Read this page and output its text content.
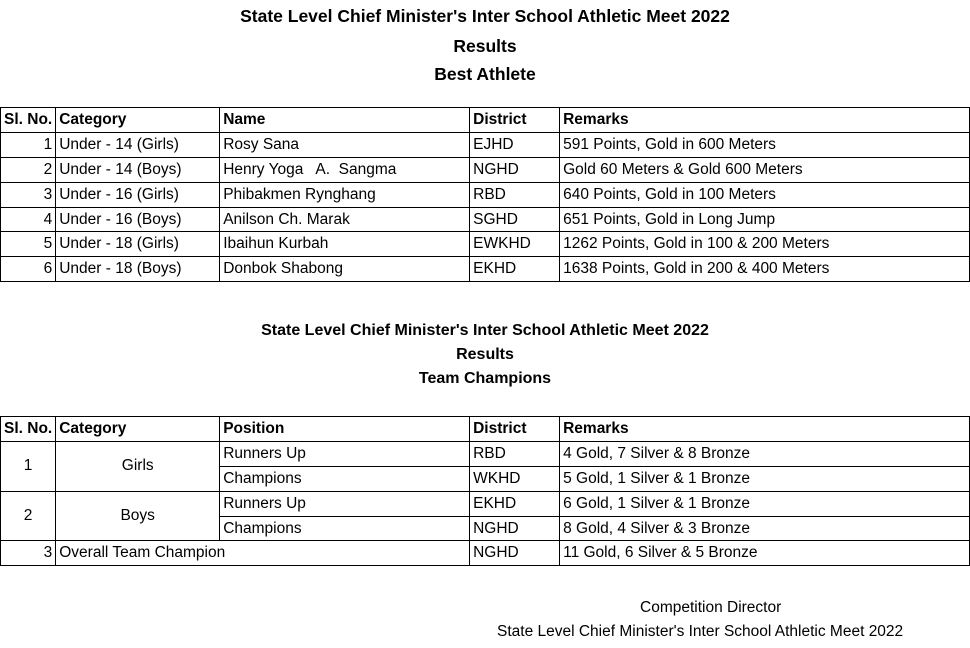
State Level Chief Minister's Inter School Athletic Meet 2022
Results
Best Athlete
Sl. No.	Category	Name	District	Remarks
1	Under - 14 (Girls)	Rosy Sana	EJHD	591 Points, Gold in 600 Meters
2	Under - 14 (Boys)	Henry Yoga   A.  Sangma	NGHD	Gold 60 Meters & Gold 600 Meters
3	Under - 16 (Girls)	Phibakmen Rynghang	RBD	640 Points, Gold in 100 Meters
4	Under - 16 (Boys)	Anilson Ch. Marak	SGHD	651 Points, Gold in Long Jump
5	Under - 18 (Girls)	Ibaihun Kurbah	EWKHD	1262 Points, Gold in 100 & 200 Meters
6	Under - 18 (Boys)	Donbok Shabong	EKHD	1638 Points, Gold in 200 & 400 Meters
State Level Chief Minister's Inter School Athletic Meet 2022
Results
Team Champions
Sl. No.	Category	Position	District	Remarks
1	Girls	Runners Up	RBD	4 Gold, 7 Silver & 8 Bronze
		Champions	WKHD	5 Gold, 1 Silver & 1 Bronze
2	Boys	Runners Up	EKHD	6 Gold, 1 Silver & 1 Bronze
		Champions	NGHD	8 Gold, 4 Silver & 3 Bronze
3	Overall Team Champion		NGHD	11 Gold, 6 Silver & 5 Bronze
Competition Director
State Level Chief Minister's Inter School Athletic Meet 2022
